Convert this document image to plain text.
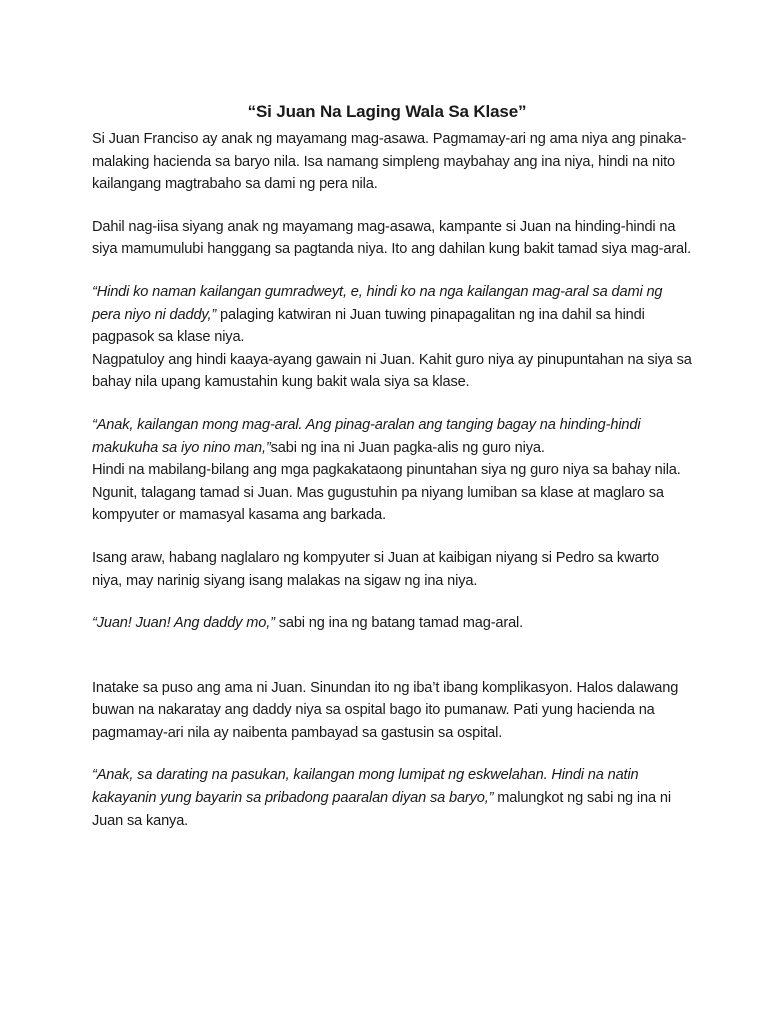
“Si Juan Na Laging Wala Sa Klase”

Si Juan Franciso ay anak ng mayamang mag-asawa. Pagmamay-ari ng ama niya ang pinaka-malaking hacienda sa baryo nila. Isa namang simpleng maybahay ang ina niya, hindi na nito kailangang magtrabaho sa dami ng pera nila.

Dahil nag-iisa siyang anak ng mayamang mag-asawa, kampante si Juan na hinding-hindi na siya mamumulubi hanggang sa pagtanda niya. Ito ang dahilan kung bakit tamad siya mag-aral.

“Hindi ko naman kailangan gumradweyt, e, hindi ko na nga kailangan mag-aral sa dami ng pera niyo ni daddy,” palaging katwiran ni Juan tuwing pinapagalitan ng ina dahil sa hindi pagpasok sa klase niya.

Nagpatuloy ang hindi kaaya-ayang gawain ni Juan. Kahit guro niya ay pinupuntahan na siya sa bahay nila upang kamustahin kung bakit wala siya sa klase.

“Anak, kailangan mong mag-aral. Ang pinag-aralan ang tanging bagay na hinding-hindi makukuha sa iyo nino man,”sabi ng ina ni Juan pagka-alis ng guro niya.

Hindi na mabilang-bilang ang mga pagkakataong pinuntahan siya ng guro niya sa bahay nila. Ngunit, talagang tamad si Juan. Mas gugustuhin pa niyang lumiban sa klase at maglaro sa kompyuter or mamasyal kasama ang barkada.

Isang araw, habang naglalaro ng kompyuter si Juan at kaibigan niyang si Pedro sa kwarto niya, may narinig siyang isang malakas na sigaw ng ina niya.

“Juan! Juan! Ang daddy mo,” sabi ng ina ng batang tamad mag-aral.

Inatake sa puso ang ama ni Juan. Sinundan ito ng iba’t ibang komplikasyon. Halos dalawang buwan na nakaratay ang daddy niya sa ospital bago ito pumanaw. Pati yung hacienda na pagmamay-ari nila ay naibenta pambayad sa gastusin sa ospital.

“Anak, sa darating na pasukan, kailangan mong lumipat ng eskwelahan. Hindi na natin kakayanin yung bayarin sa pribadong paaralan diyan sa baryo,” malungkot ng sabi ng ina ni Juan sa kanya.
